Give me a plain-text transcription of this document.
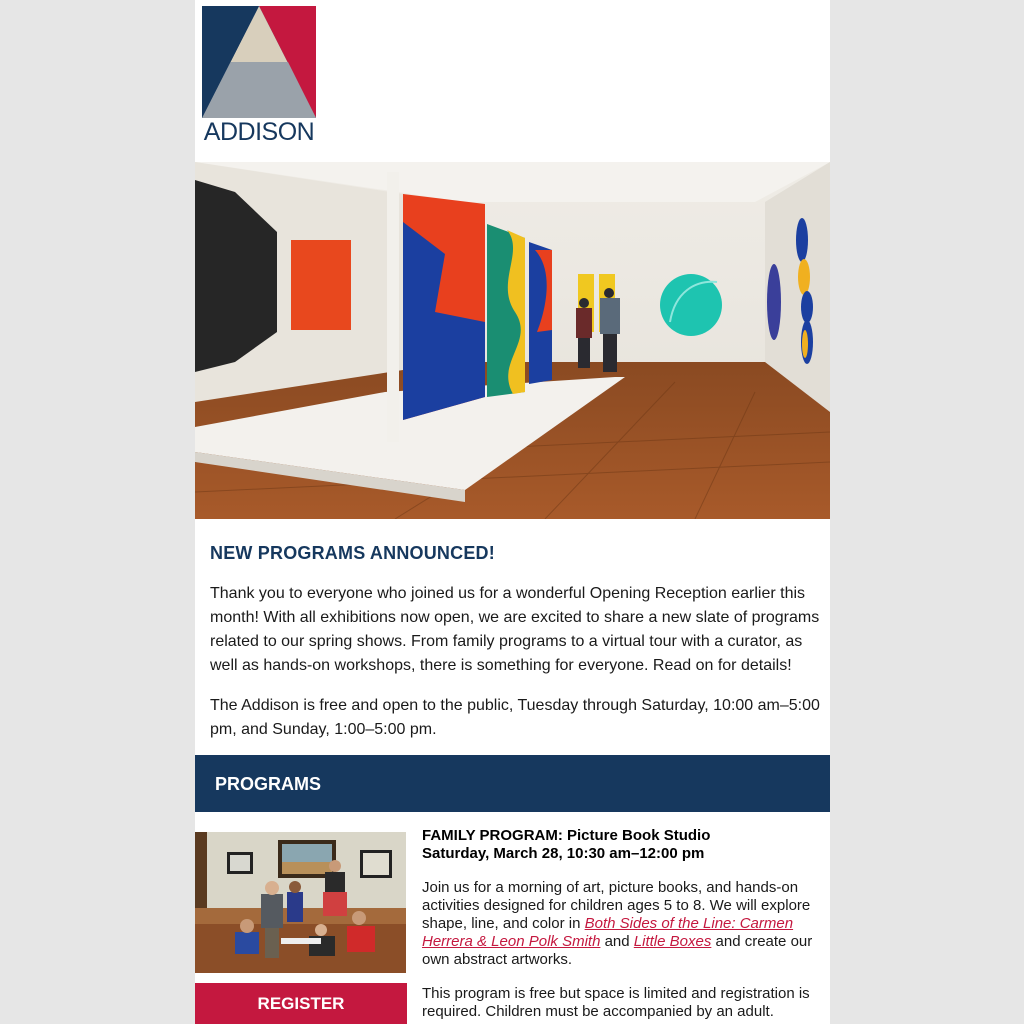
ADDISON
NEW PROGRAMS ANNOUNCED!

Thank you to everyone who joined us for a wonderful Opening Reception earlier this month! With all exhibitions now open, we are excited to share a new slate of programs related to our spring shows. From family programs to a virtual tour with a curator, as well as hands-on workshops, there is something for everyone. Read on for details!

The Addison is free and open to the public, Tuesday through Saturday, 10:00 am–5:00 pm, and Sunday, 1:00–5:00 pm.

PROGRAMS
REGISTER

FAMILY PROGRAM: Picture Book Studio

Saturday, March 28, 10:30 am–12:00 pm

Join us for a morning of art, picture books, and hands-on activities designed for children ages 5 to 8. We will explore shape, line, and color in Both Sides of the Line: Carmen Herrera & Leon Polk Smith and Little Boxes and create our own abstract artworks.

This program is free but space is limited and registration is required. Children must be accompanied by an adult.
